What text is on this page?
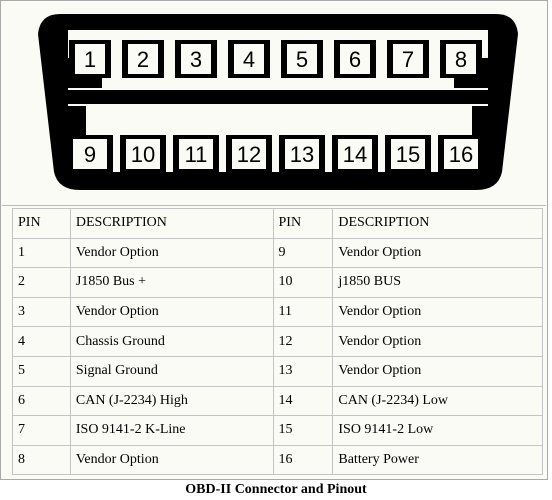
1 2 3 4 5 6 7 8
9 10 11 12 13 14 15 16
PIN	DESCRIPTION	PIN	DESCRIPTION
1	Vendor Option	9	Vendor Option
2	J1850 Bus +	10	j1850 BUS
3	Vendor Option	11	Vendor Option
4	Chassis Ground	12	Vendor Option
5	Signal Ground	13	Vendor Option
6	CAN (J-2234) High	14	CAN (J-2234) Low
7	ISO 9141-2 K-Line	15	ISO 9141-2 Low
8	Vendor Option	16	Battery Power
OBD-II Connector and Pinout
